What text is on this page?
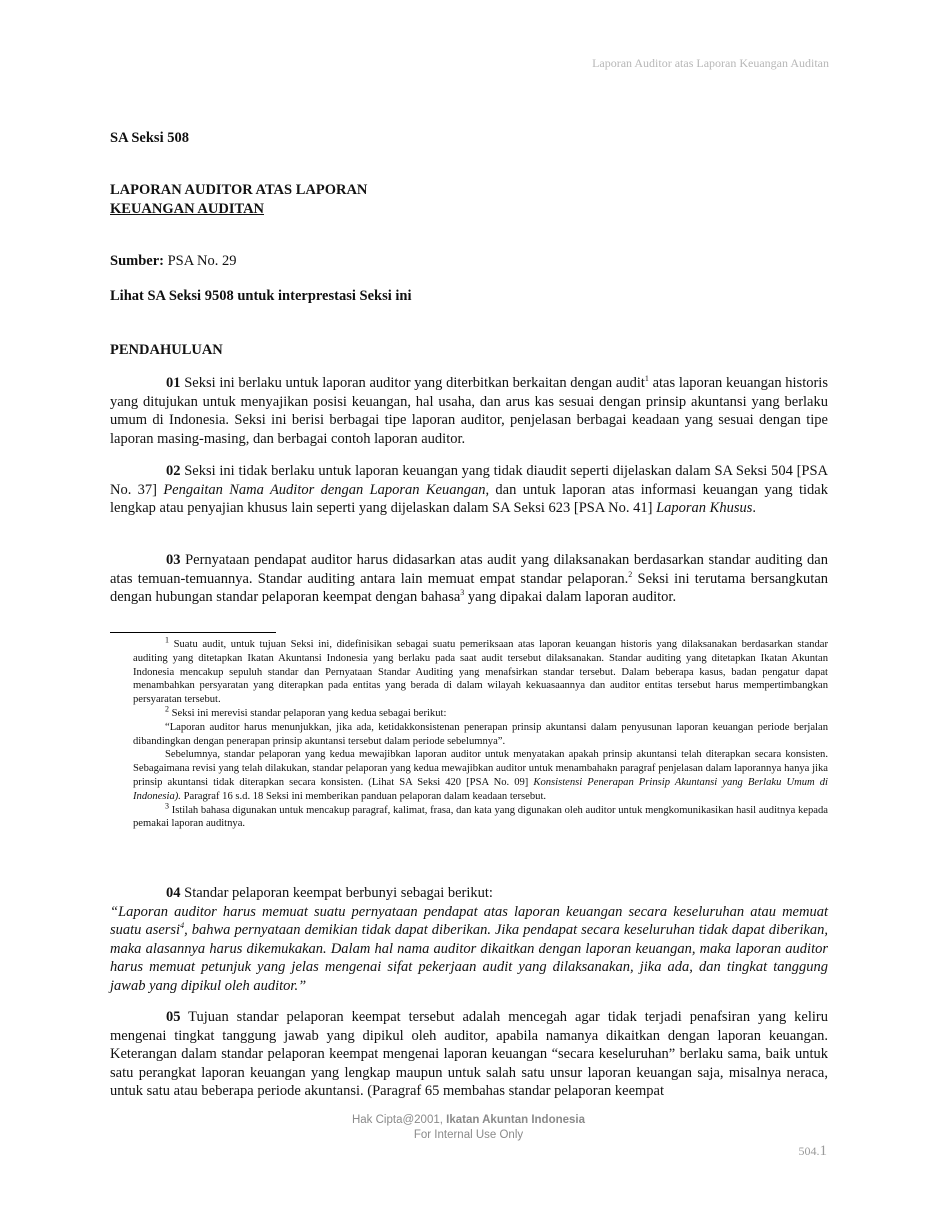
Laporan Auditor atas Laporan Keuangan Auditan
SA Seksi 508
LAPORAN AUDITOR ATAS LAPORAN
KEUANGAN AUDITAN
Sumber: PSA No. 29
Lihat SA Seksi 9508 untuk interprestasi Seksi ini
PENDAHULUAN

01 Seksi ini berlaku untuk laporan auditor yang diterbitkan berkaitan dengan audit$^1$ atas laporan keuangan historis yang ditujukan untuk menyajikan posisi keuangan, hal usaha, dan arus kas sesuai dengan prinsip akuntansi yang berlaku umum di Indonesia. Seksi ini berisi berbagai tipe laporan auditor, penjelasan berbagai keadaan yang sesuai dengan tipe laporan masing-masing, dan berbagai contoh laporan auditor.

02 Seksi ini tidak berlaku untuk laporan keuangan yang tidak diaudit seperti dijelaskan dalam SA Seksi 504 [PSA No. 37] Pengaitan Nama Auditor dengan Laporan Keuangan, dan untuk laporan atas informasi keuangan yang tidak lengkap atau penyajian khusus lain seperti yang dijelaskan dalam SA Seksi 623 [PSA No. 41] Laporan Khusus.

03 Pernyataan pendapat auditor harus didasarkan atas audit yang dilaksanakan berdasarkan standar auditing dan atas temuan-temuannya. Standar auditing antara lain memuat empat standar pelaporan.$^2$ Seksi ini terutama bersangkutan dengan hubungan standar pelaporan keempat dengan bahasa$^3$ yang dipakai dalam laporan auditor.

$^1$ Suatu audit, untuk tujuan Seksi ini, didefinisikan sebagai suatu pemeriksaan atas laporan keuangan historis yang dilaksanakan berdasarkan standar auditing yang ditetapkan Ikatan Akuntansi Indonesia yang berlaku pada saat audit tersebut dilaksanakan. Standar auditing yang ditetapkan Ikatan Akuntan Indonesia mencakup sepuluh standar dan Pernyataan Standar Auditing yang menafsirkan standar tersebut. Dalam beberapa kasus, badan pengatur dapat menambahkan persyaratan yang diterapkan pada entitas yang berada di dalam wilayah kekuasaannya dan auditor entitas tersebut harus mempertimbangkan persyaratan tersebut.

$^2$ Seksi ini merevisi standar pelaporan yang kedua sebagai berikut:

“Laporan auditor harus menunjukkan, jika ada, ketidakkonsistenan penerapan prinsip akuntansi dalam penyusunan laporan keuangan periode berjalan dibandingkan dengan penerapan prinsip akuntansi tersebut dalam periode sebelumnya”.

Sebelumnya, standar pelaporan yang kedua mewajibkan laporan auditor untuk menyatakan apakah prinsip akuntansi telah diterapkan secara konsisten. Sebagaimana revisi yang telah dilakukan, standar pelaporan yang kedua mewajibkan auditor untuk menambahakn paragraf penjelasan dalam laporannya hanya jika prinsip akuntansi tidak diterapkan secara konsisten. (Lihat SA Seksi 420 [PSA No. 09] Konsistensi Penerapan Prinsip Akuntansi yang Berlaku Umum di Indonesia). Paragraf 16 s.d. 18 Seksi ini memberikan panduan pelaporan dalam keadaan tersebut.

$^3$ Istilah bahasa digunakan untuk mencakup paragraf, kalimat, frasa, dan kata yang digunakan oleh auditor untuk mengkomunikasikan hasil auditnya kepada pemakai laporan auditnya.

04 Standar pelaporan keempat berbunyi sebagai berikut:

“Laporan auditor harus memuat suatu pernyataan pendapat atas laporan keuangan secara keseluruhan atau memuat suatu asersi$^4$, bahwa pernyataan demikian tidak dapat diberikan. Jika pendapat secara keseluruhan tidak dapat diberikan, maka alasannya harus dikemukakan. Dalam hal nama auditor dikaitkan dengan laporan keuangan, maka laporan auditor harus memuat petunjuk yang jelas mengenai sifat pekerjaan audit yang dilaksanakan, jika ada, dan tingkat tanggung jawab yang dipikul oleh auditor.”

05 Tujuan standar pelaporan keempat tersebut adalah mencegah agar tidak terjadi penafsiran yang keliru mengenai tingkat tanggung jawab yang dipikul oleh auditor, apabila namanya dikaitkan dengan laporan keuangan. Keterangan dalam standar pelaporan keempat mengenai laporan keuangan “secara keseluruhan” berlaku sama, baik untuk satu perangkat laporan keuangan yang lengkap maupun untuk salah satu unsur laporan keuangan saja, misalnya neraca, untuk satu atau beberapa periode akuntansi. (Paragraf 65 membahas standar pelaporan keempat

Hak Cipta@2001, Ikatan Akuntan Indonesia
For Internal Use Only
504.1
